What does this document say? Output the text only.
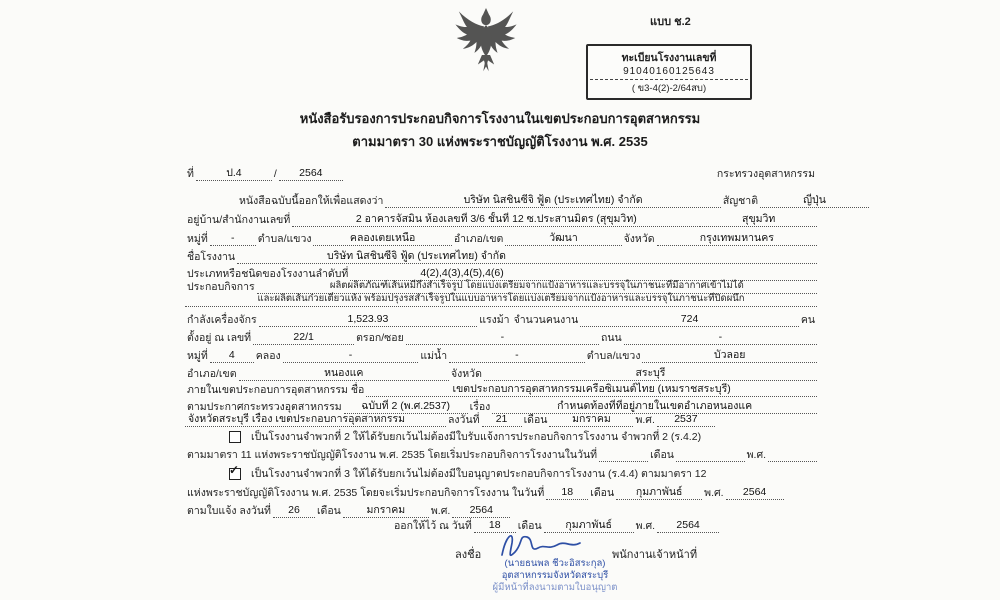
แบบ ช.2
ทะเบียนโรงงานเลขที่
91040160125643
( ข3-4(2)-2/64สบ)
หนังสือรับรองการประกอบกิจการโรงงานในเขตประกอบการอุตสาหกรรม
ตามมาตรา 30 แห่งพระราชบัญญัติโรงงาน พ.ศ. 2535
ที่	ป.4	/	2564	กระทรวงอุตสาหกรรม
หนังสือฉบับนี้ออกให้เพื่อแสดงว่า	บริษัท นิสชินซีจิ ฟู้ด (ประเทศไทย) จำกัด	สัญชาติ	ญี่ปุ่น
อยู่บ้าน/สำนักงานเลขที่	2 อาคารจัสมิน ห้องเลขที่ 3/6 ชั้นที่ 12 ซ.ประสานมิตร (สุขุมวิท)	สุขุมวิท
หมู่ที่	-	ตำบล/แขวง	คลองเตยเหนือ	อำเภอ/เขต	วัฒนา	จังหวัด	กรุงเทพมหานคร
ชื่อโรงงาน	บริษัท นิสชินซีจิ ฟู้ด (ประเทศไทย) จำกัด
ประเภทหรือชนิดของโรงงานลำดับที่	4(2),4(3),4(5),4(6)
ประกอบกิจการ	ผลิตผลิตภัณฑ์เส้นหมี่กึ่งสำเร็จรูป โดยแบ่งเตรียมจากแป้งอาหารและบรรจุในภาชนะที่มีอากาศเข้าไม่ได้
และผลิตเส้นก๋วยเตี๋ยวแห้ง พร้อมปรุงรสสำเร็จรูปในแบบอาหารโดยแบ่งเตรียมจากแป้งอาหารและบรรจุในภาชนะที่ปิดผนึก
กำลังเครื่องจักร	1,523.93	แรงม้า จำนวนคนงาน	724	คน
ตั้งอยู่ ณ เลขที่	22/1	ตรอก/ซอย	-	ถนน	-
หมู่ที่	4	คลอง	-	แม่น้ำ	-	ตำบล/แขวง	บัวลอย
อำเภอ/เขต	หนองแค	จังหวัด	สระบุรี
ภายในเขตประกอบการอุตสาหกรรม ชื่อ	เขตประกอบการอุตสาหกรรมเครือซิเมนต์ไทย (เหมราชสระบุรี)
ตามประกาศกระทรวงอุตสาหกรรม	ฉบับที่ 2 (พ.ศ.2537)	เรื่อง	กำหนดท้องที่ที่อยู่ภายในเขตอำเภอหนองแค
จังหวัดสระบุรี เรื่อง เขตประกอบการอุตสาหกรรม	ลงวันที่	21	เดือน	มกราคม	พ.ศ.	2537
เป็นโรงงานจำพวกที่ 2 ให้ได้รับยกเว้นไม่ต้องมีใบรับแจ้งการประกอบกิจการโรงงาน จำพวกที่ 2 (ร.4.2)
ตามมาตรา 11 แห่งพระราชบัญญัติโรงงาน พ.ศ. 2535 โดยเริ่มประกอบกิจการโรงงานในวันที่	เดือน	พ.ศ.
✓ เป็นโรงงานจำพวกที่ 3 ให้ได้รับยกเว้นไม่ต้องมีใบอนุญาตประกอบกิจการโรงงาน (ร.4.4) ตามมาตรา 12
แห่งพระราชบัญญัติโรงงาน พ.ศ. 2535 โดยจะเริ่มประกอบกิจการโรงงาน ในวันที่	18	เดือน	กุมภาพันธ์	พ.ศ.	2564
ตามใบแจ้ง ลงวันที่	26	เดือน	มกราคม	พ.ศ.	2564
ออกให้ไว้ ณ วันที่	18	เดือน	กุมภาพันธ์	พ.ศ.	2564
ลงชื่อ	พนักงานเจ้าหน้าที่
(นายธนพล ชีวะอิสระกุล)
อุตสาหกรรมจังหวัดสระบุรี
ผู้มีหน้าที่ลงนามตามใบอนุญาต
